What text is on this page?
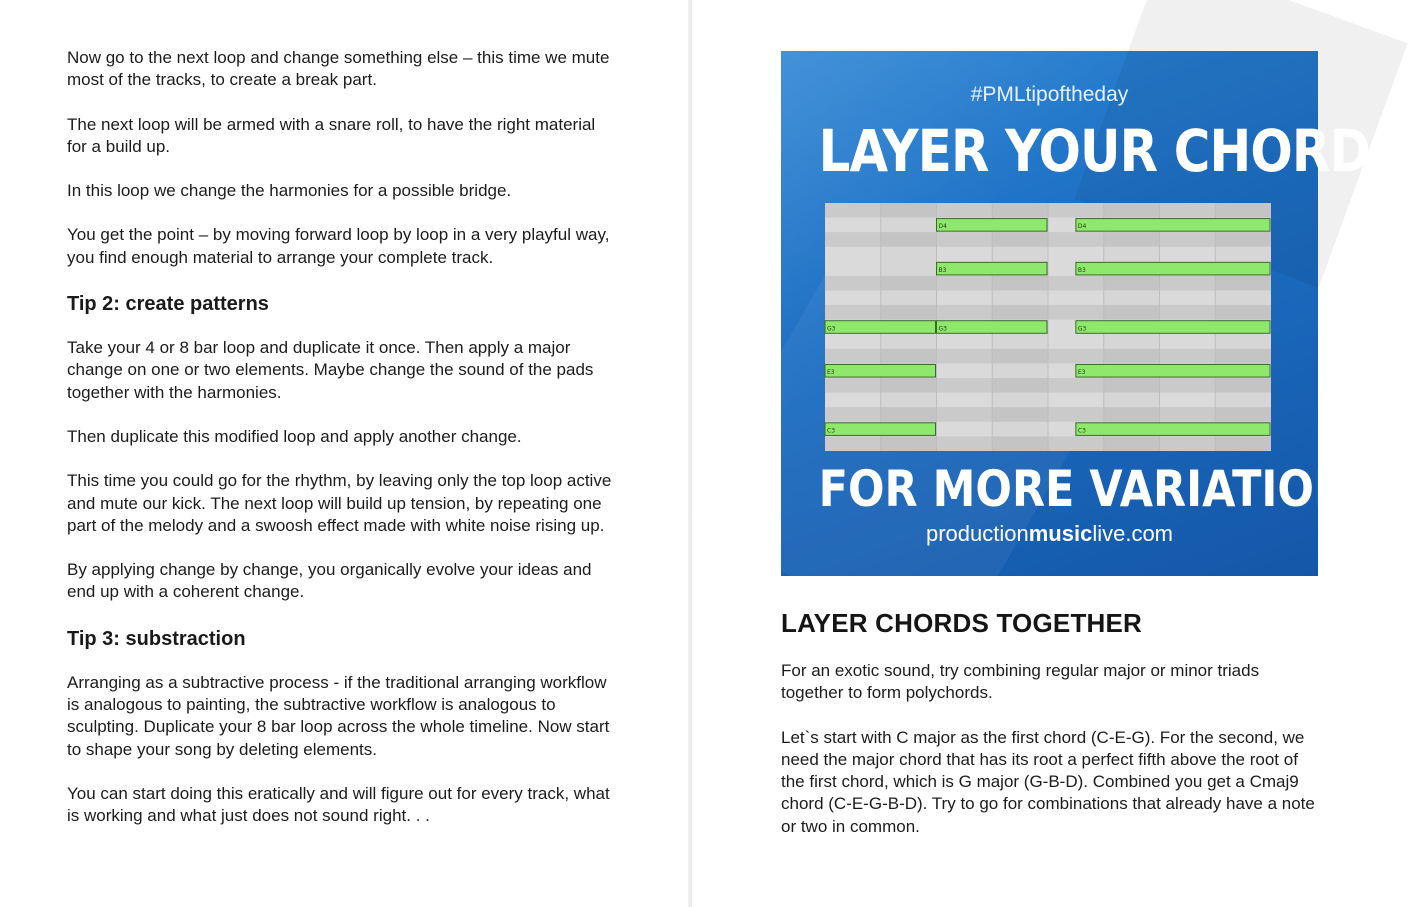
Now go to the next loop and change something else – this time we mute most of the tracks, to create a break part.

The next loop will be armed with a snare roll, to have the right material for a build up.

In this loop we change the harmonies for a possible bridge.

You get the point – by moving forward loop by loop in a very playful way, you find enough material to arrange your complete track.

Tip 2: create patterns

Take your 4 or 8 bar loop and duplicate it once. Then apply a major change on one or two elements. Maybe change the sound of the pads together with the harmonies.

Then duplicate this modified loop and apply another change.

This time you could go for the rhythm, by leaving only the top loop active and mute our kick. The next loop will build up tension, by repeating one part of the melody and a swoosh effect made with white noise rising up.

By applying change by change, you organically evolve your ideas and end up with a coherent change.

Tip 3: substraction

Arranging as a subtractive process - if the traditional arranging workflow is analogous to painting, the subtractive workflow is analogous to sculpting. Duplicate your 8 bar loop across the whole timeline. Now start to shape your song by deleting elements.

You can start doing this eratically and will figure out for every track, what is working and what just does not sound right. . .

#PMLtipoftheday
LAYER YOUR CHORDS
D4	D4
B3	B3
G3	G3	G3
E3	E3
C3	C3
FOR MORE VARIATION
productionmusiclive.com
LAYER CHORDS TOGETHER

For an exotic sound, try combining regular major or minor triads together to form polychords.

Let`s start with C major as the first chord (C-E-G). For the second, we need the major chord that has its root a perfect fifth above the root of the first chord, which is G major (G-B-D). Combined you get a Cmaj9 chord (C-E-G-B-D). Try to go for combinations that already have a note or two in common.
